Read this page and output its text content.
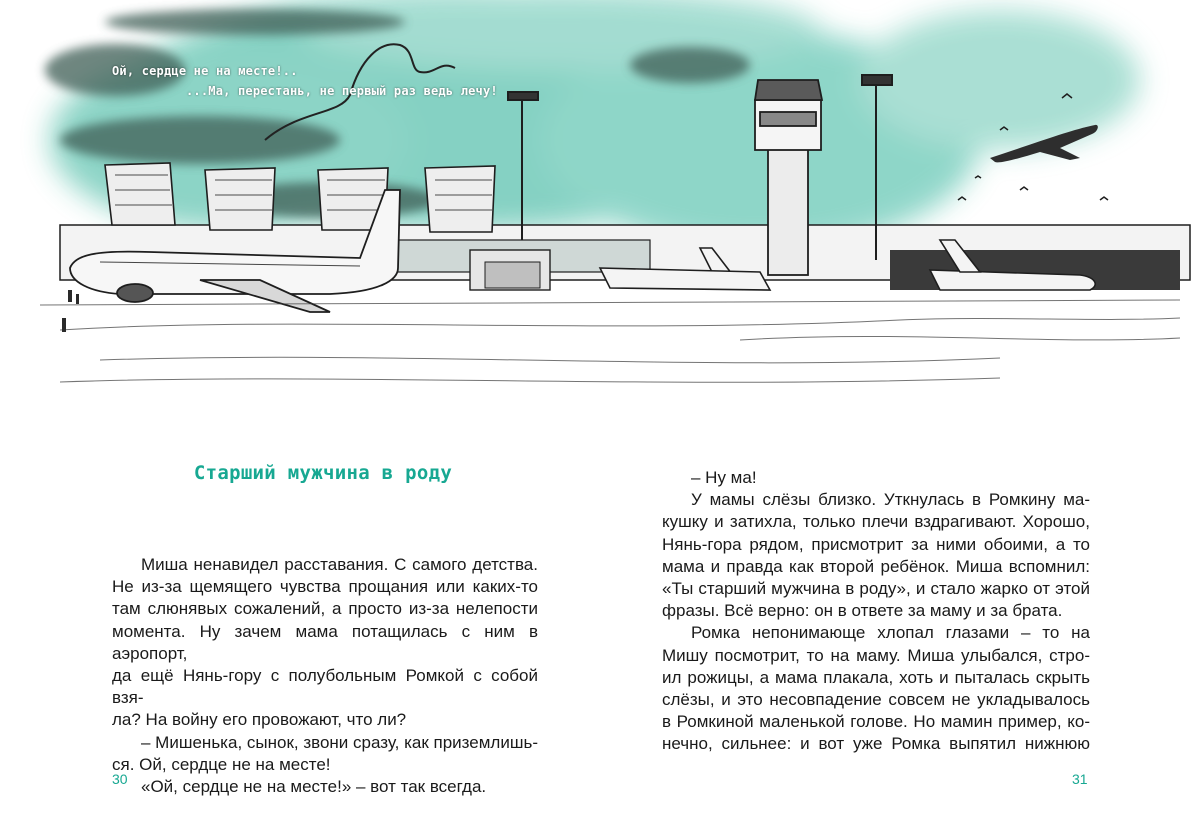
Ой, сердце не на месте!..
...Ма, перестань, не первый раз ведь лечу!
Старший мужчина в роду

Миша ненавидел расставания. С самого детства.

Не из-за щемящего чувства прощания или каких-то

там слюнявых сожалений, а просто из-за нелепости

момента. Ну зачем мама потащилась с ним в аэропорт,

да ещё Нянь-гору с полубольным Ромкой с собой взя-

ла? На войну его провожают, что ли?

– Мишенька, сынок, звони сразу, как приземлишь-

ся. Ой, сердце не на месте!

«Ой, сердце не на месте!» – вот так всегда.

– Ну ма!

У мамы слёзы близко. Уткнулась в Ромкину ма-

кушку и затихла, только плечи вздрагивают. Хорошо,

Нянь-гора рядом, присмотрит за ними обоими, а то

мама и правда как второй ребёнок. Миша вспомнил:

«Ты старший мужчина в роду», и стало жарко от этой

фразы. Всё верно: он в ответе за маму и за брата.

Ромка непонимающе хлопал глазами – то на

Мишу посмотрит, то на маму. Миша улыбался, стро-

ил рожицы, а мама плакала, хоть и пыталась скрыть

слёзы, и это несовпадение совсем не укладывалось

в Ромкиной маленькой голове. Но мамин пример, ко-

нечно, сильнее: и вот уже Ромка выпятил нижнюю

30	31
